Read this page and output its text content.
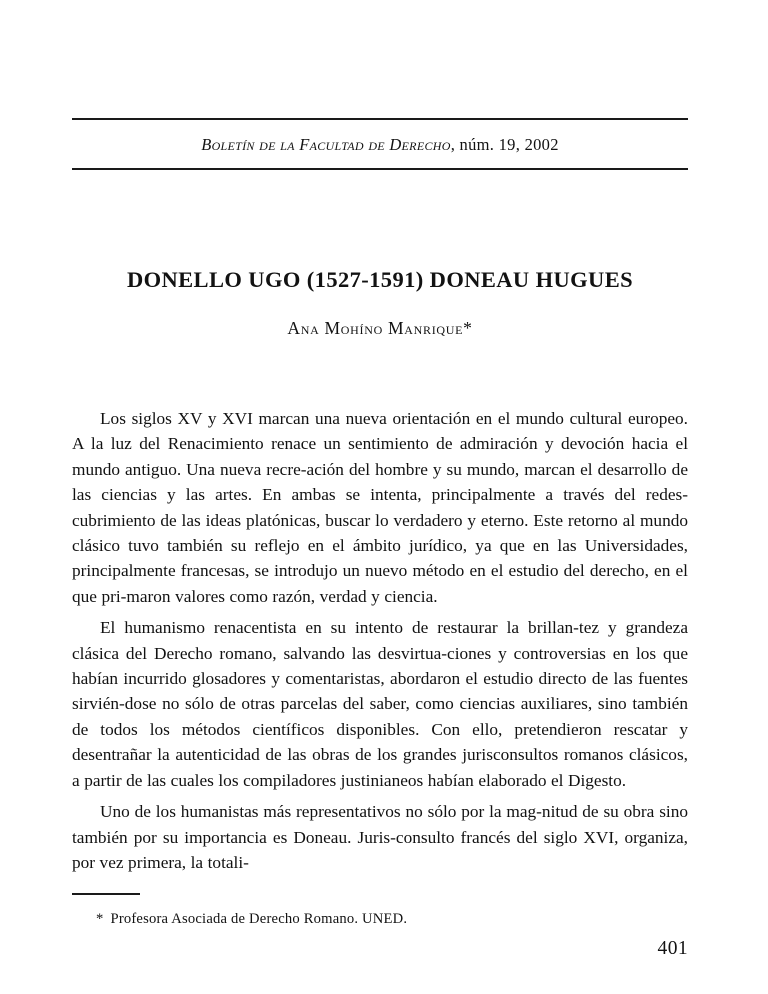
Boletín de la Facultad de Derecho, núm. 19, 2002
DONELLO UGO (1527-1591) DONEAU HUGUES
Ana Mohíno Manrique*

Los siglos XV y XVI marcan una nueva orientación en el mundo cultural europeo. A la luz del Renacimiento renace un sentimiento de admiración y devoción hacia el mundo antiguo. Una nueva recre-​ación del hombre y su mundo, marcan el desarrollo de las ciencias y las artes. En ambas se intenta, principalmente a través del redes-​cubrimiento de las ideas platónicas, buscar lo verdadero y eterno. Este retorno al mundo clásico tuvo también su reflejo en el ámbito jurídico, ya que en las Universidades, principalmente francesas, se introdujo un nuevo método en el estudio del derecho, en el que pri-​maron valores como razón, verdad y ciencia.

El humanismo renacentista en su intento de restaurar la brillan-​tez y grandeza clásica del Derecho romano, salvando las desvirtua-​ciones y controversias en los que habían incurrido glosadores y comentaristas, abordaron el estudio directo de las fuentes sirvién-​dose no sólo de otras parcelas del saber, como ciencias auxiliares, sino también de todos los métodos científicos disponibles. Con ello, pretendieron rescatar y desentrañar la autenticidad de las obras de los grandes jurisconsultos romanos clásicos, a partir de las cuales los compiladores justinianeos habían elaborado el Digesto.

Uno de los humanistas más representativos no sólo por la mag-​nitud de su obra sino también por su importancia es Doneau. Juris-​consulto francés del siglo XVI, organiza, por vez primera, la totali-

* Profesora Asociada de Derecho Romano. UNED.
401
